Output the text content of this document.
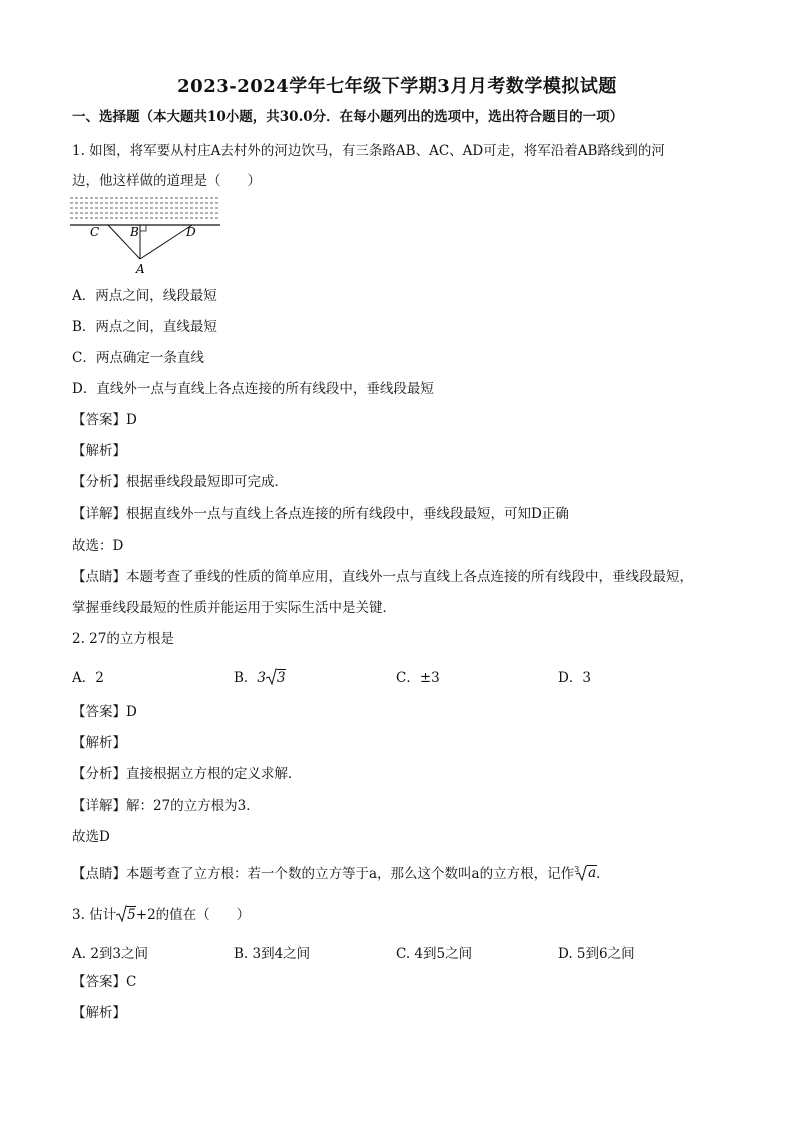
2023-2024学年七年级下学期3月月考数学模拟试题
一、选择题（本大题共10小题，共30.0分．在每小题列出的选项中，选出符合题目的一项）
1. 如图，将军要从村庄A去村外的河边饮马，有三条路AB、AC、AD可走，将军沿着AB路线到的河
边，他这样做的道理是（　　）
C	B	D
A
A．两点之间，线段最短
B．两点之间，直线最短
C．两点确定一条直线
D．直线外一点与直线上各点连接的所有线段中，垂线段最短
【答案】D
【解析】
【分析】根据垂线段最短即可完成．
【详解】根据直线外一点与直线上各点连接的所有线段中，垂线段最短，可知D正确
故选：D
【点睛】本题考查了垂线的性质的简单应用，直线外一点与直线上各点连接的所有线段中，垂线段最短，
掌握垂线段最短的性质并能运用于实际生活中是关键．
2. 27的立方根是
A．2	B．3 3	C．±3	D．3
【答案】D
【解析】
【分析】直接根据立方根的定义求解．
【详解】解：27的立方根为3．
故选D
【点睛】本题考查了立方根：若一个数的立方等于a，那么这个数叫a的立方根，记作 3 a ．
3. 估计 5+2的值在（　　）
A. 2到3之间	B. 3到4之间	C. 4到5之间	D. 5到6之间
【答案】C
【解析】
